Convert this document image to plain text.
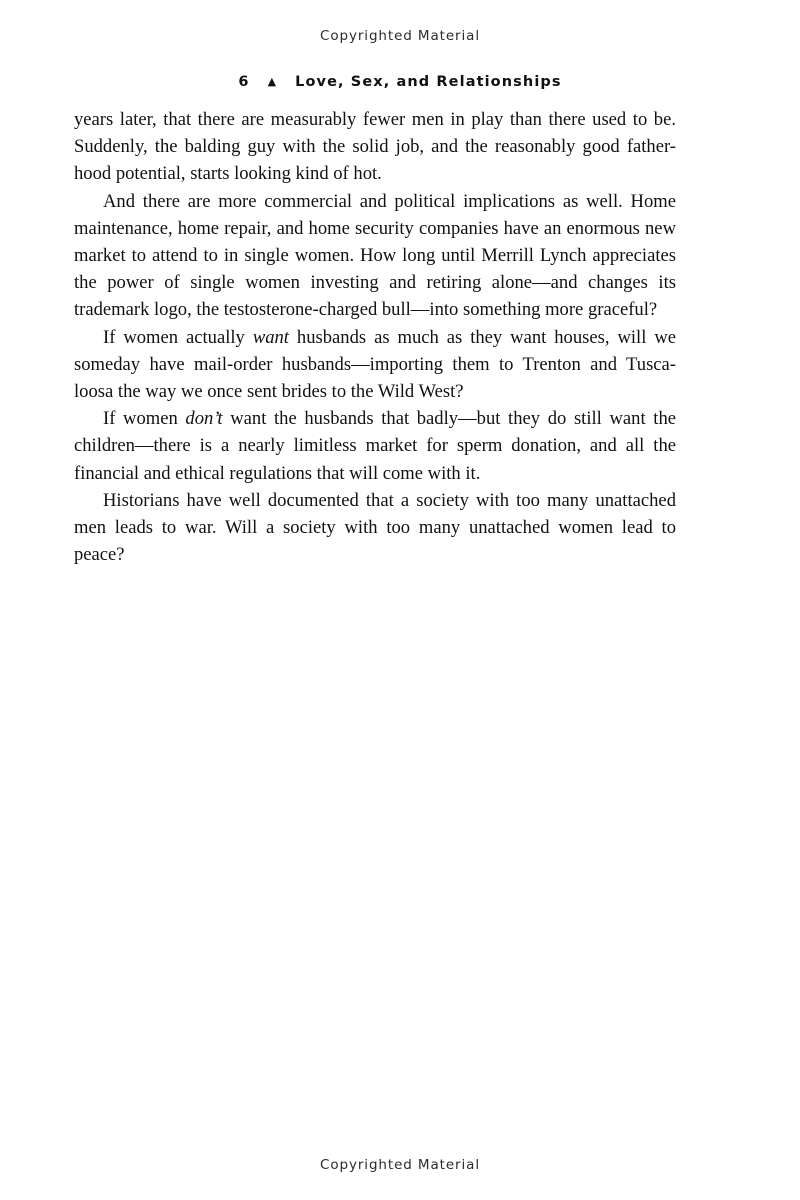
Copyrighted Material
6	▲	Love, Sex, and Relationships

years later, that there are measurably fewer men in play than there used to be. Suddenly, the balding guy with the solid job, and the reasonably good father-hood potential, starts looking kind of hot.

And there are more commercial and political implications as well. Home maintenance, home repair, and home security companies have an enormous new market to attend to in single women. How long until Merrill Lynch appreciates the power of single women investing and retiring alone—and changes its trademark logo, the testosterone-charged bull—into something more graceful?

If women actually want husbands as much as they want houses, will we someday have mail-order husbands—importing them to Trenton and Tusca-loosa the way we once sent brides to the Wild West?

If women don’t want the husbands that badly—but they do still want the children—there is a nearly limitless market for sperm donation, and all the financial and ethical regulations that will come with it.

Historians have well documented that a society with too many unattached men leads to war. Will a society with too many unattached women lead to peace?

Copyrighted Material
